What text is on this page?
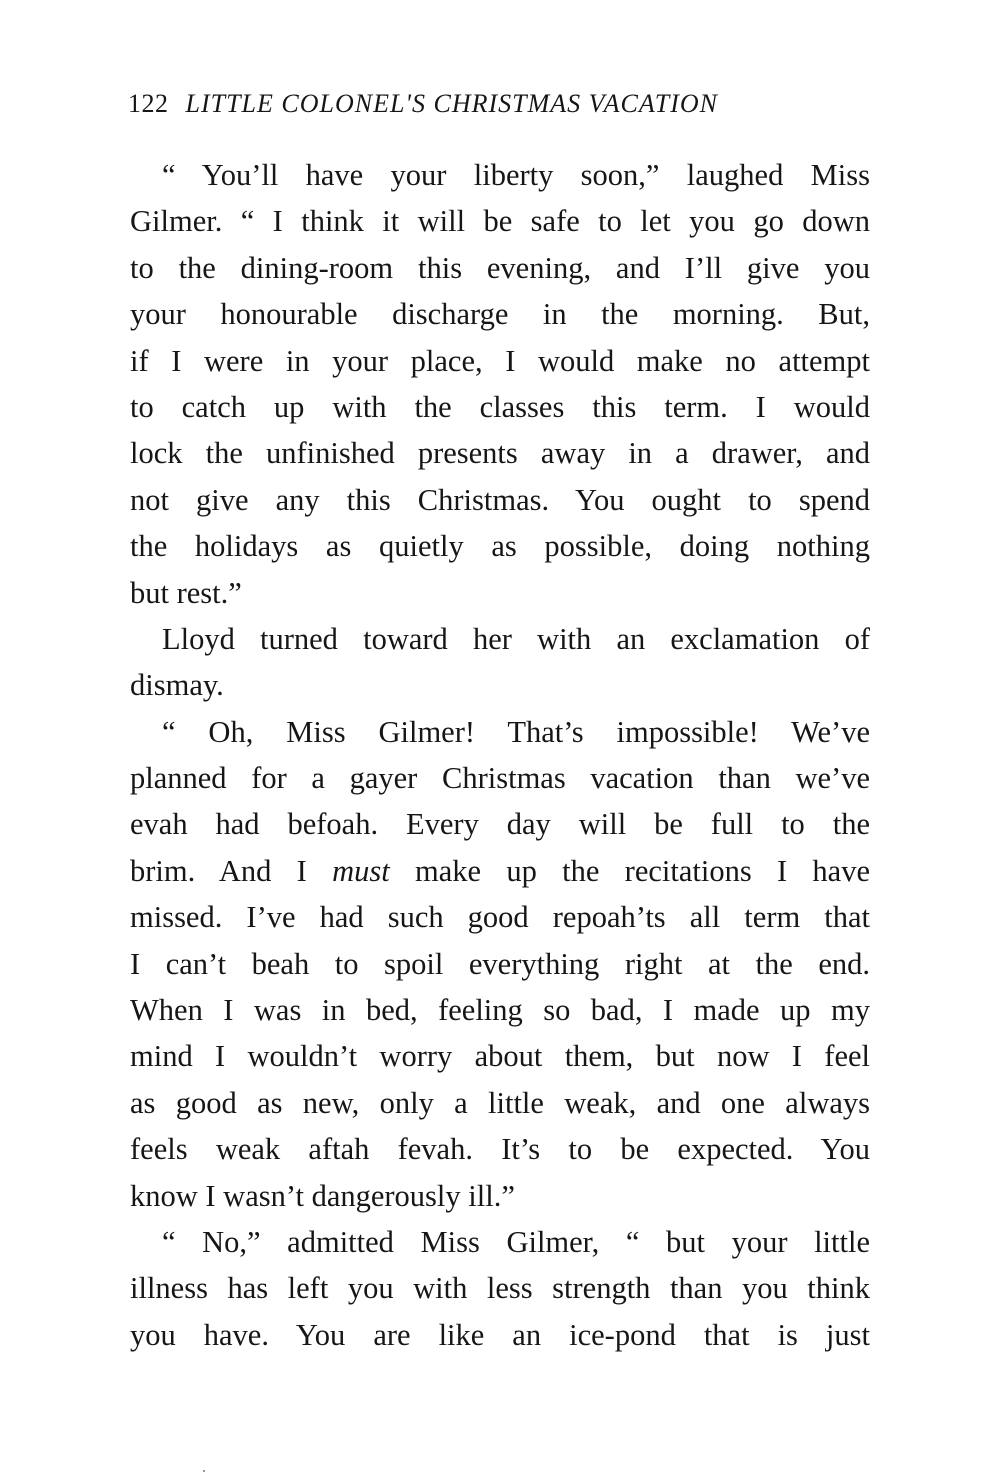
122 LITTLE COLONEL'S CHRISTMAS VACATION
“ You’ll have your liberty soon,” laughed Miss
Gilmer. “ I think it will be safe to let you go down
to the dining-room this evening, and I’ll give you
your honourable discharge in the morning. But,
if I were in your place, I would make no attempt
to catch up with the classes this term. I would
lock the unfinished presents away in a drawer, and
not give any this Christmas. You ought to spend
the holidays as quietly as possible, doing nothing
but rest.”
Lloyd turned toward her with an exclamation of
dismay.
“ Oh, Miss Gilmer! That’s impossible! We’ve
planned for a gayer Christmas vacation than we’ve
evah had befoah. Every day will be full to the
brim. And I must make up the recitations I have
missed. I’ve had such good repoah’ts all term that
I can’t beah to spoil everything right at the end.
When I was in bed, feeling so bad, I made up my
mind I wouldn’t worry about them, but now I feel
as good as new, only a little weak, and one always
feels weak aftah fevah. It’s to be expected. You
know I wasn’t dangerously ill.”
“ No,” admitted Miss Gilmer, “ but your little
illness has left you with less strength than you think
you have. You are like an ice-pond that is just
